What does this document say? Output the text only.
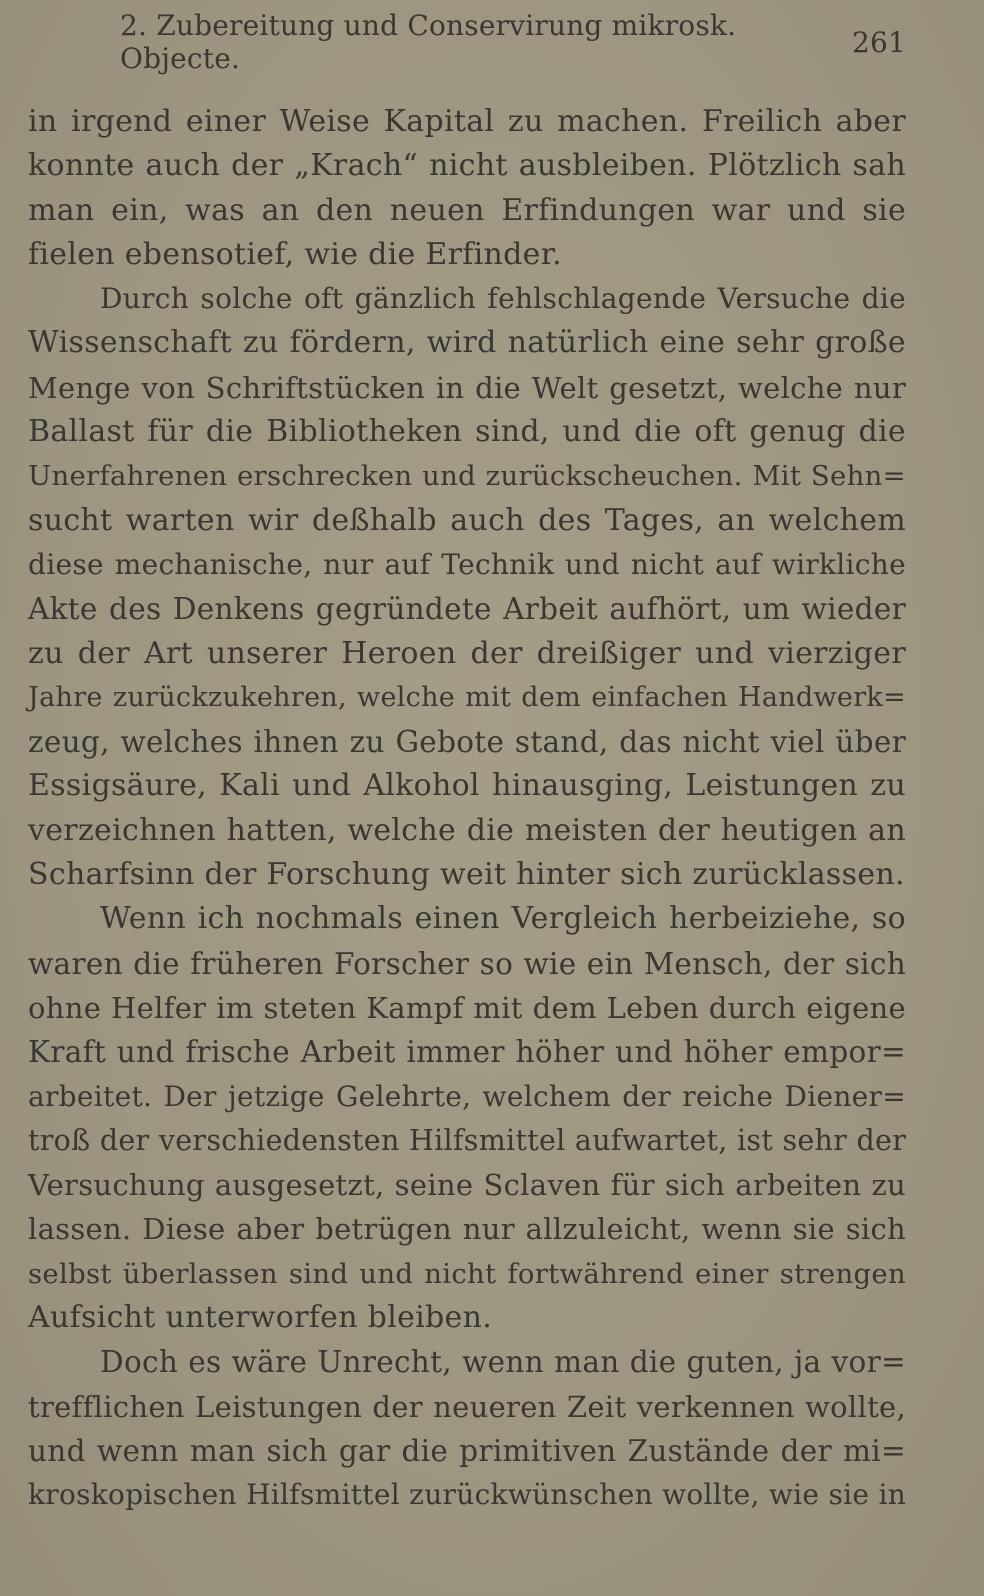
2. Zubereitung und Conservirung mikrosk. Objecte.	261
in irgend einer Weise Kapital zu machen. Freilich aber
konnte auch der „Krach“ nicht ausbleiben. Plötzlich sah
man ein, was an den neuen Erfindungen war und sie
fielen ebensotief, wie die Erfinder.
Durch solche oft gänzlich fehlschlagende Versuche die
Wissenschaft zu fördern, wird natürlich eine sehr große
Menge von Schriftstücken in die Welt gesetzt, welche nur
Ballast für die Bibliotheken sind, und die oft genug die
Unerfahrenen erschrecken und zurückscheuchen. Mit Sehn=
sucht warten wir deßhalb auch des Tages, an welchem
diese mechanische, nur auf Technik und nicht auf wirkliche
Akte des Denkens gegründete Arbeit aufhört, um wieder
zu der Art unserer Heroen der dreißiger und vierziger
Jahre zurückzukehren, welche mit dem einfachen Handwerk=
zeug, welches ihnen zu Gebote stand, das nicht viel über
Essigsäure, Kali und Alkohol hinausging, Leistungen zu
verzeichnen hatten, welche die meisten der heutigen an
Scharfsinn der Forschung weit hinter sich zurücklassen.
Wenn ich nochmals einen Vergleich herbeiziehe, so
waren die früheren Forscher so wie ein Mensch, der sich
ohne Helfer im steten Kampf mit dem Leben durch eigene
Kraft und frische Arbeit immer höher und höher empor=
arbeitet. Der jetzige Gelehrte, welchem der reiche Diener=
troß der verschiedensten Hilfsmittel aufwartet, ist sehr der
Versuchung ausgesetzt, seine Sclaven für sich arbeiten zu
lassen. Diese aber betrügen nur allzuleicht, wenn sie sich
selbst überlassen sind und nicht fortwährend einer strengen
Aufsicht unterworfen bleiben.
Doch es wäre Unrecht, wenn man die guten, ja vor=
trefflichen Leistungen der neueren Zeit verkennen wollte,
und wenn man sich gar die primitiven Zustände der mi=
kroskopischen Hilfsmittel zurückwünschen wollte, wie sie in
